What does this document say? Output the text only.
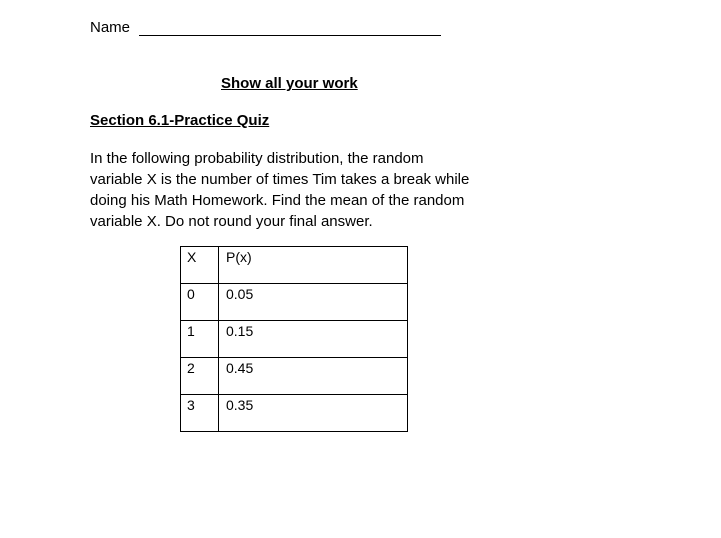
Name
Show all your work
Section 6.1-Practice Quiz
In the following probability distribution, the random
variable X is the number of times Tim takes a break while
doing his Math Homework. Find the mean of the random
variable X. Do not round your final answer.
X	P(x)

0	0.05

1	0.15

2	0.45

3	0.35
